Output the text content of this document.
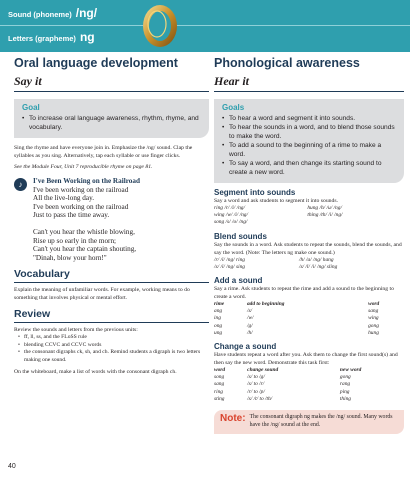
Sound (phoneme) /ng/
Letters (grapheme) ng
Oral language development
Say it
Goal
• To increase oral language awareness, rhythm, rhyme, and vocabulary.

Sing the rhyme and have everyone join in. Emphasize the /ng/ sound. Clap the syllables as you sing. Alternatively, tap each syllable or use finger clicks.

See the Module Four, Unit 7 reproducible rhyme on page 81.

♪	I've Been Working on the Railroad
I've been working on the railroad
All the live-long day.
I've been working on the railroad
Just to pass the time away.
Can't you hear the whistle blowing,
Rise up so early in the morn;
Can't you hear the captain shouting,
"Dinah, blow your horn!"
Vocabulary

Explain the meaning of unfamiliar words. For example, working means to do something that involves physical or mental effort.

Review

Review the sounds and letters from the previous units:

• ff, ll, ss, and the FLoSS rule
• blending CCVC and CCVC words
• the consonant digraphs ck, sh, and ch. Remind students a digraph is two letters making one sound.

On the whiteboard, make a list of words with the consonant digraph ch.

Phonological awareness
Hear it
Goals
• To hear a word and segment it into sounds.
• To hear the sounds in a word, and to blend those sounds to make the word.
• To add a sound to the beginning of a rime to make a word.
• To say a word, and then change its starting sound to create a new word.
Segment into sounds

Say a word and ask students to segment it into sounds.

ring /r/ /i/ /ng/	hung /h/ /u/ /ng/
wing /w/ /i/ /ng/	thing /th/ /i/ /ng/
song /s/ /o/ /ng/	
Blend sounds

Say the sounds in a word. Ask students to repeat the sounds, blend the sounds, and say the word. (Note: The letters ng make one sound.)

/r/ /i/ /ng/ ring	/h/ /a/ /ng/ hang
/s/ /i/ /ng/ sing	/s/ /l/ /i/ /ng/ sling
Add a sound

Say a rime. Ask students to repeat the rime and add a sound to the beginning to create a word.

rime	add to beginning	word
ang	/s/	sang
ing	/w/	wing
ong	/g/	gong
ung	/h/	hung
Change a sound

Have students repeat a word after you. Ask them to change the first sound(s) and then say the new word. Demonstrate this task first:

word	change sound	new word
song	/s/ to /g/	gong
sang	/s/ to /r/	rang
ring	/r/ to /p/	ping
sting	/s/ /t/ to /th/	thing
Note: The consonant digraph ng makes the /ng/ sound. Many words have the /ng/ sound at the end.
40
